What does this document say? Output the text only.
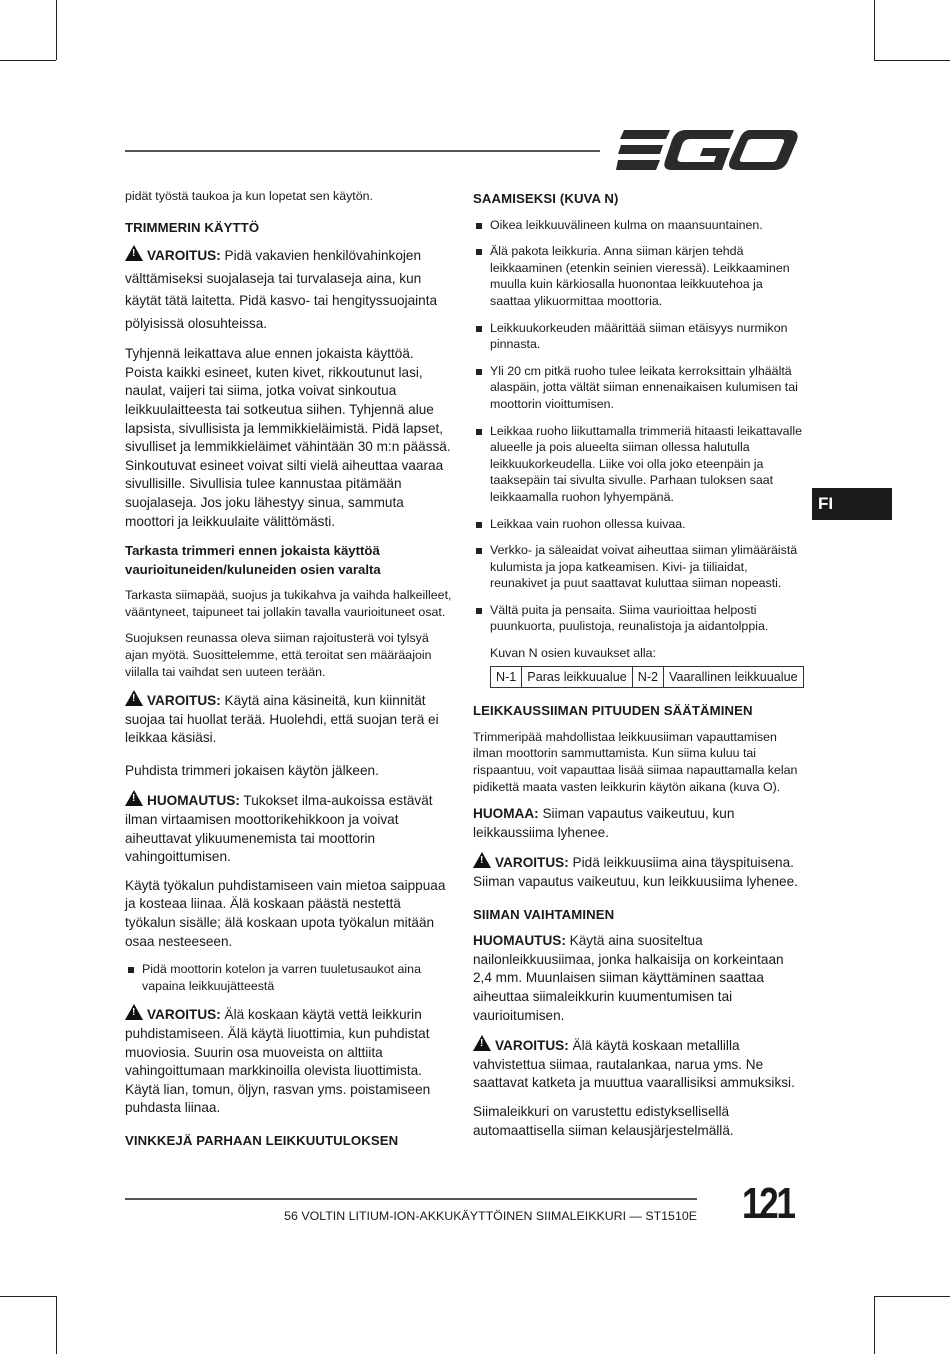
FI

pidät työstä taukoa ja kun lopetat sen käytön.

TRIMMERIN KÄYTTÖ

!VAROITUS: Pidä vakavien henkilövahinkojen välttämiseksi suojalaseja tai turvalaseja aina, kun käytät tätä laitetta. Pidä kasvo- tai hengityssuojainta pölyisissä olosuhteissa.

Tyhjennä leikattava alue ennen jokaista käyttöä. Poista kaikki esineet, kuten kivet, rikkoutunut lasi, naulat, vaijeri tai siima, jotka voivat sinkoutua leikkuulaitteesta tai sotkeutua siihen. Tyhjennä alue lapsista, sivullisista ja lemmikkieläimistä. Pidä lapset, sivulliset ja lemmikkieläimet vähintään 30 m:n päässä. Sinkoutuvat esineet voivat silti vielä aiheuttaa vaaraa sivullisille. Sivullisia tulee kannustaa pitämään suojalaseja. Jos joku lähestyy sinua, sammuta moottori ja leikkuulaite välittömästi.

Tarkasta trimmeri ennen jokaista käyttöä vaurioituneiden/kuluneiden osien varalta

Tarkasta siimapää, suojus ja tukikahva ja vaihda halkeilleet, vääntyneet, taipuneet tai jollakin tavalla vaurioituneet osat.

Suojuksen reunassa oleva siiman rajoitusterä voi tylsyä ajan myötä. Suosittelemme, että teroitat sen määräajoin viilalla tai vaihdat sen uuteen terään.

!VAROITUS: Käytä aina käsineitä, kun kiinnität suojaa tai huollat terää. Huolehdi, että suojan terä ei leikkaa käsiäsi.

Puhdista trimmeri jokaisen käytön jälkeen.

!HUOMAUTUS: Tukokset ilma-aukoissa estävät ilman virtaamisen moottorikehikkoon ja voivat aiheuttavat ylikuumenemista tai moottorin vahingoittumisen.

Käytä työkalun puhdistamiseen vain mietoa saippuaa ja kosteaa liinaa. Älä koskaan päästä nestettä työkalun sisälle; älä koskaan upota työkalun mitään osaa nesteeseen.

Pidä moottorin kotelon ja varren tuuletusaukot aina vapaina leikkuujätteestä

!VAROITUS: Älä koskaan käytä vettä leikkurin puhdistamiseen. Älä käytä liuottimia, kun puhdistat muoviosia. Suurin osa muoveista on alttiita vahingoittumaan markkinoilla olevista liuottimista. Käytä lian, tomun, öljyn, rasvan yms. poistamiseen puhdasta liinaa.

VINKKEJÄ PARHAAN LEIKKUUTULOKSEN
SAAMISEKSI (KUVA N)
Oikea leikkuuvälineen kulma on maansuuntainen.
Älä pakota leikkuria. Anna siiman kärjen tehdä leikkaaminen (etenkin seinien vieressä). Leikkaaminen muulla kuin kärkiosalla huonontaa leikkuutehoa ja saattaa ylikuormittaa moottoria.
Leikkuukorkeuden määrittää siiman etäisyys nurmikon pinnasta.
Yli 20 cm pitkä ruoho tulee leikata kerroksittain ylhäältä alaspäin, jotta vältät siiman ennenaikaisen kulumisen tai moottorin vioittumisen.
Leikkaa ruoho liikuttamalla trimmeriä hitaasti leikattavalle alueelle ja pois alueelta siiman ollessa halutulla leikkuukorkeudella. Liike voi olla joko eteenpäin ja taaksepäin tai sivulta sivulle. Parhaan tuloksen saat leikkaamalla ruohon lyhyempänä.
Leikkaa vain ruohon ollessa kuivaa.
Verkko- ja säleaidat voivat aiheuttaa siiman ylimääräistä kulumista ja jopa katkeamisen. Kivi- ja tiiliaidat, reunakivet ja puut saattavat kuluttaa siiman nopeasti.
Vältä puita ja pensaita. Siima vaurioittaa helposti puunkuorta, puulistoja, reunalistoja ja aidantolppia.

Kuvan N osien kuvaukset alla:

N-1	Paras leikkuualue	N-2	Vaarallinen leikkuualue
LEIKKAUSSIIMAN PITUUDEN SÄÄTÄMINEN

Trimmeripää mahdollistaa leikkuusiiman vapauttamisen ilman moottorin sammuttamista. Kun siima kuluu tai rispaantuu, voit vapauttaa lisää siimaa napauttamalla kelan pidikettä maata vasten leikkurin käytön aikana (kuva O).

HUOMAA: Siiman vapautus vaikeutuu, kun leikkaussiima lyhenee.

!VAROITUS: Pidä leikkuusiima aina täyspituisena. Siiman vapautus vaikeutuu, kun leikkuusiima lyhenee.

SIIMAN VAIHTAMINEN

HUOMAUTUS: Käytä aina suositeltua nailonleikkuusiimaa, jonka halkaisija on korkeintaan 2,4 mm. Muunlaisen siiman käyttäminen saattaa aiheuttaa siimaleikkurin kuumentumisen tai vaurioitumisen.

!VAROITUS: Älä käytä koskaan metallilla vahvistettua siimaa, rautalankaa, narua yms. Ne saattavat katketa ja muuttua vaarallisiksi ammuksiksi.

Siimaleikkuri on varustettu edistyksellisellä automaattisella siiman kelausjärjestelmällä.

56 VOLTIN LITIUM-ION-AKKUKÄYTTÖINEN SIIMALEIKKURI — ST1510E 121
